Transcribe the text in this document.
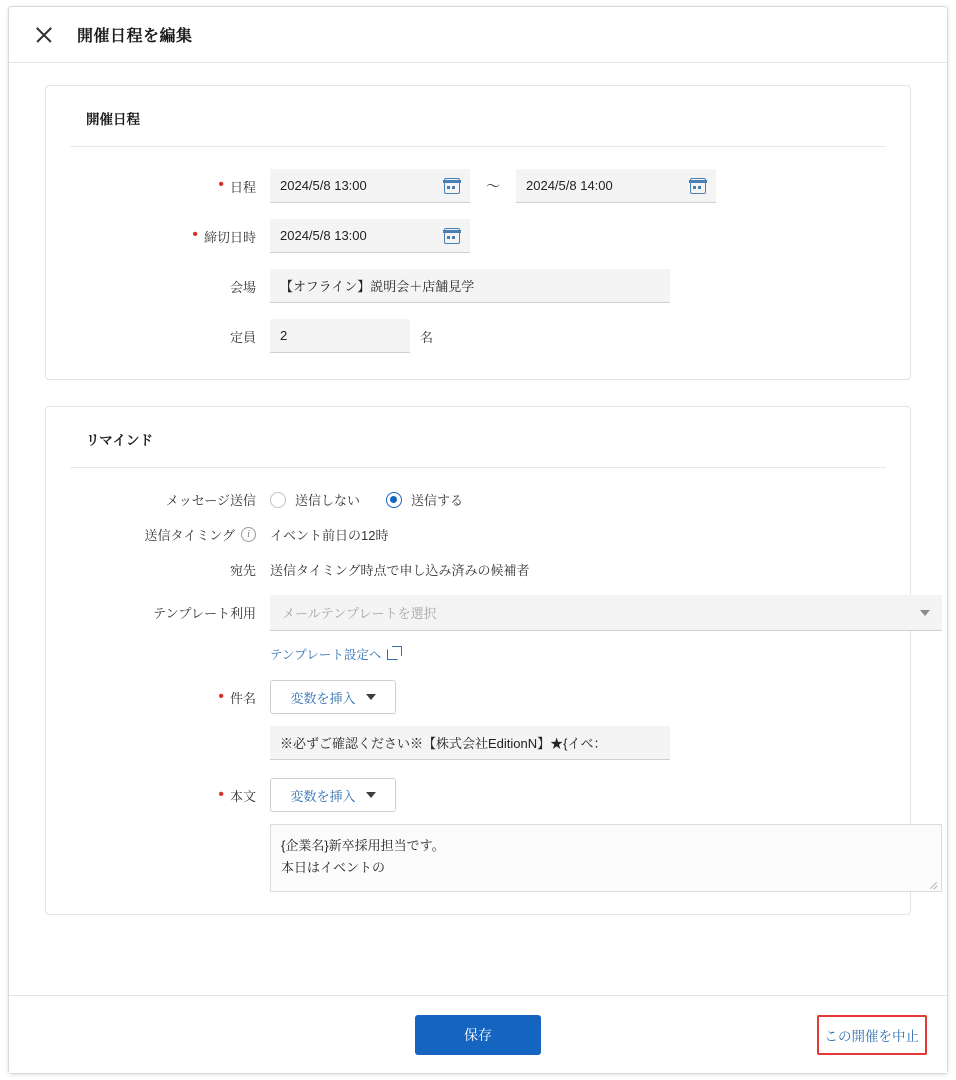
開催日程を編集
開催日程
• 日程 2024/5/8 13:00	～ 2024/5/8 14:00
• 締切日時 2024/5/8 13:00
会場 【オフライン】説明会＋店舗見学
定員 2	名
リマインド
メッセージ送信	送信しない	送信する
送信タイミング	i	イベント前日の12時
宛先 送信タイミング時点で申し込み済みの候補者
テンプレート利用 メールテンプレートを選択
テンプレート設定へ
• 件名	変数を挿入
※必ずご確認ください※【株式会社EditionN】★{イベ：
• 本文	変数を挿入
{企業名}新卒採用担当です。
本日はイベントの
保存	この開催を中止
